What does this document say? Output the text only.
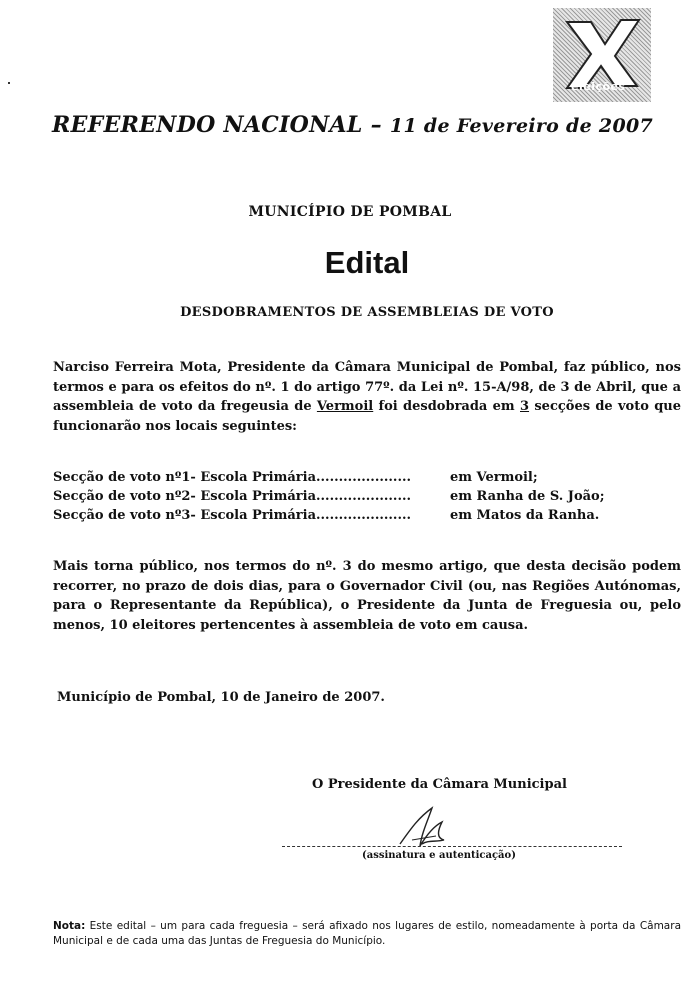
eleições
REFERENDO NACIONAL – 11 de Fevereiro de 2007
MUNICÍPIO DE POMBAL
Edital
DESDOBRAMENTOS DE ASSEMBLEIAS DE VOTO
Narciso Ferreira Mota, Presidente da Câmara Municipal de Pombal, faz público, nos termos e para os efeitos do nº. 1 do artigo 77º. da Lei nº. 15-A/98, de 3 de Abril, que a assembleia de voto da fregeusia de Vermoil foi desdobrada em 3 secções de voto que funcionarão nos locais seguintes:
Secção de voto nº1- Escola Primária.....................	em Vermoil;
Secção de voto nº2- Escola Primária.....................	em Ranha de S. João;
Secção de voto nº3- Escola Primária.....................	em Matos da Ranha.
Mais torna público, nos termos do nº. 3 do mesmo artigo, que desta decisão podem recorrer, no prazo de dois dias, para o Governador Civil (ou, nas Regiões Autónomas, para o Representante da República), o Presidente da Junta de Freguesia ou, pelo menos, 10 eleitores pertencentes à assembleia de voto em causa.
Município de Pombal, 10 de Janeiro de 2007.
O Presidente da Câmara Municipal
(assinatura e autenticação)
Nota: Este edital – um para cada freguesia – será afixado nos lugares de estilo, nomeadamente à porta da Câmara Municipal e de cada uma das Juntas de Freguesia do Município.
